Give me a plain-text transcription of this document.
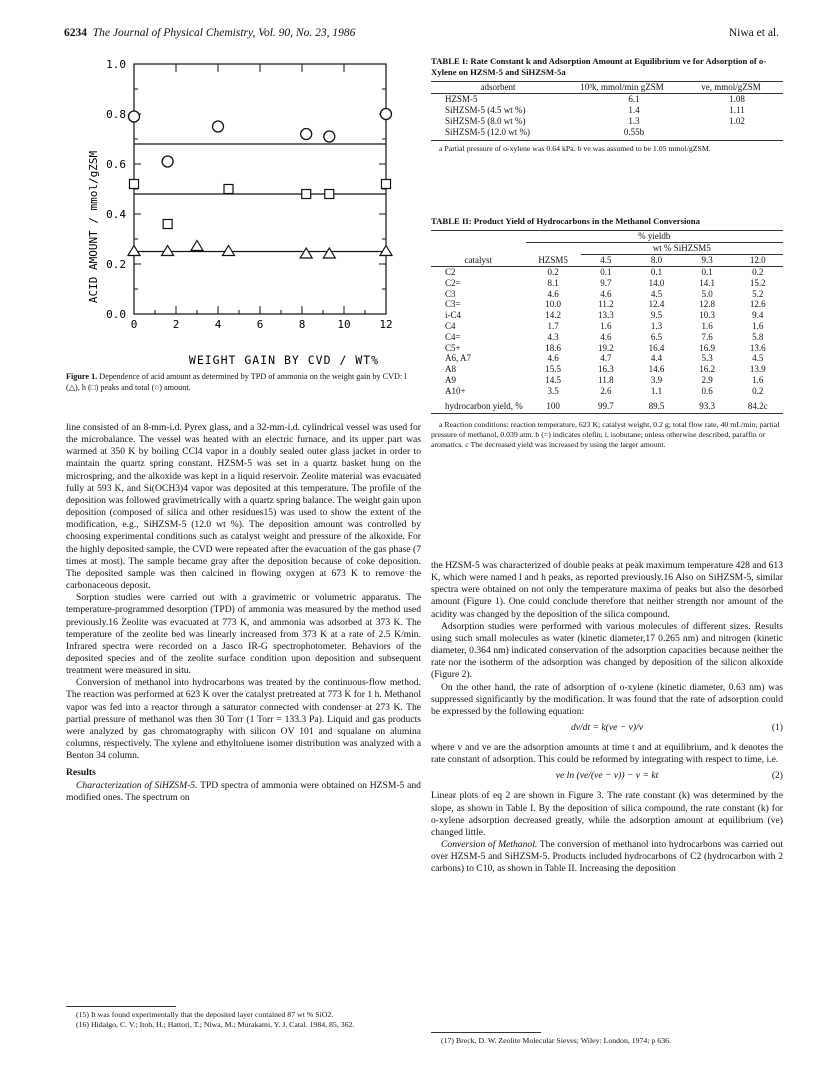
6234 The Journal of Physical Chemistry, Vol. 90, No. 23, 1986	Niwa et al.
0	2	4	6	8	10	12
0.0
0.2
0.4
0.6
0.8
1.0
ACID AMOUNT / mmol/gZSM
WEIGHT GAIN BY CVD / WT%
Figure 1. Dependence of acid amount as determined by TPD of ammonia on the weight gain by CVD: l (△), h (□) peaks and total (○) amount.

line consisted of an 8-mm-i.d. Pyrex glass, and a 32-mm-i.d. cylindrical vessel was used for the microbalance. The vessel was heated with an electric furnace, and its upper part was warmed at 350 K by boiling CCl4 vapor in a doubly sealed outer glass jacket in order to maintain the quartz spring constant. HZSM-5 was set in a quartz basket hung on the microspring, and the alkoxide was kept in a liquid reservoir. Zeolite material was evacuated fully at 593 K, and Si(OCH3)4 vapor was deposited at this temperature. The profile of the deposition was followed gravimetrically with a quartz spring balance. The weight gain upon deposition (composed of silica and other residues15) was used to show the extent of the modification, e.g., SiHZSM-5 (12.0 wt %). The deposition amount was controlled by choosing experimental conditions such as catalyst weight and pressure of the alkoxide. For the highly deposited sample, the CVD were repeated after the evacuation of the gas phase (7 times at most). The sample became gray after the deposition because of coke deposition. The deposited sample was then calcined in flowing oxygen at 673 K to remove the carbonaceous deposit.

Sorption studies were carried out with a gravimetric or volumetric apparatus. The temperature-programmed desorption (TPD) of ammonia was measured by the method used previously.16 Zeolite was evacuated at 773 K, and ammonia was adsorbed at 373 K. The temperature of the zeolite bed was linearly increased from 373 K at a rate of 2.5 K/min. Infrared spectra were recorded on a Jasco IR-G spectrophotometer. Behaviors of the deposited species and of the zeolite surface condition upon deposition and subsequent treatment were measured in situ.

Conversion of methanol into hydrocarbons was treated by the continuous-flow method. The reaction was performed at 623 K over the catalyst pretreated at 773 K for 1 h. Methanol vapor was fed into a reactor through a saturator connected with condenser at 273 K. The partial pressure of methanol was then 30 Torr (1 Torr = 133.3 Pa). Liquid and gas products were analyzed by gas chromatography with silicon OV 101 and squalane on alumina columns, respectively. The xylene and ethyltoluene isomer distribution was analyzed with a Benton 34 column.

Results

Characterization of SiHZSM-5. TPD spectra of ammonia were obtained on HZSM-5 and modified ones. The spectrum on

(15) It was found experimentally that the deposited layer contained 87 wt % SiO2.
(16) Hidalgo, C. V.; Itoh, H.; Hattori, T.; Niwa, M.; Murakami, Y. J. Catal. 1984, 85, 362.
TABLE I: Rate Constant k and Adsorption Amount at Equilibrium ve for Adsorption of o-Xylene on HZSM-5 and SiHZSM-5a
adsorbent	10³k, mmol/min gZSM	ve, mmol/gZSM
HZSM-5	6.1	1.08
SiHZSM-5 (4.5 wt %)	1.4	1.11
SiHZSM-5 (8.0 wt %)	1.3	1.02
SiHZSM-5 (12.0 wt %)	0.55b	
a Partial pressure of o-xylene was 0.64 kPa. b ve was assumed to be 1.05 mmol/gZSM.
TABLE II: Product Yield of Hydrocarbons in the Methanol Conversiona
	% yieldb				
		wt % SiHZSM5			
catalyst	HZSM5	4.5	8.0	9.3	12.0
C2	0.2	0.1	0.1	0.1	0.2
C2=	8.1	9.7	14.0	14.1	15.2
C3	4.6	4.6	4.5	5.0	5.2
C3=	10.0	11.2	12.4	12.8	12.6
i-C4	14.2	13.3	9.5	10.3	9.4
C4	1.7	1.6	1.3	1.6	1.6
C4=	4.3	4.6	6.5	7.6	5.8
C5+	18.6	19.2	16.4	16.9	13.6
A6, A7	4.6	4.7	4.4	5.3	4.5
A8	15.5	16.3	14.6	16.2	13.9
A9	14.5	11.8	3.9	2.9	1.6
A10+	3.5	2.6	1.1	0.6	0.2
hydrocarbon yield, %	100	99.7	89.5	93.3	84.2c
a Reaction conditions: reaction temperature, 623 K; catalyst weight, 0.2 g; total flow rate, 40 mL/min; partial pressure of methanol, 0.039 atm. b (=) indicates olefin; i, isobutane; unless otherwise described, paraffin or aromatics. c The decreased yield was increased by using the larger amount.

the HZSM-5 was characterized of double peaks at peak maximum temperature 428 and 613 K, which were named l and h peaks, as reported previously.16 Also on SiHZSM-5, similar spectra were obtained on not only the temperature maxima of peaks but also the desorbed amount (Figure 1). One could conclude therefore that neither strength nor amount of the acidity was changed by the deposition of the silica compound.

Adsorption studies were performed with various molecules of different sizes. Results using such small molecules as water (kinetic diameter,17 0.265 nm) and nitrogen (kinetic diameter, 0.364 nm) indicated conservation of the adsorption capacities because neither the rate nor the isotherm of the adsorption was changed by deposition of the silicon alkoxide (Figure 2).

On the other hand, the rate of adsorption of o-xylene (kinetic diameter, 0.63 nm) was suppressed significantly by the modification. It was found that the rate of adsorption could be expressed by the following equation:

dv/dt = k(ve − v)/v	(1)

where v and ve are the adsorption amounts at time t and at equilibrium, and k denotes the rate constant of adsorption. This could be reformed by integrating with respect to time, i.e.

ve ln (ve/(ve − v)) − v = kt	(2)

Linear plots of eq 2 are shown in Figure 3. The rate constant (k) was determined by the slope, as shown in Table I. By the deposition of silica compound, the rate constant (k) for o-xylene adsorption decreased greatly, while the adsorption amount at equilibrium (ve) changed little.

Conversion of Methanol. The conversion of methanol into hydrocarbons was carried out over HZSM-5 and SiHZSM-5. Products included hydrocarbons of C2 (hydrocarbon with 2 carbons) to C10, as shown in Table II. Increasing the deposition

(17) Breck, D. W. Zeolite Molecular Sieves; Wiley: London, 1974; p 636.
